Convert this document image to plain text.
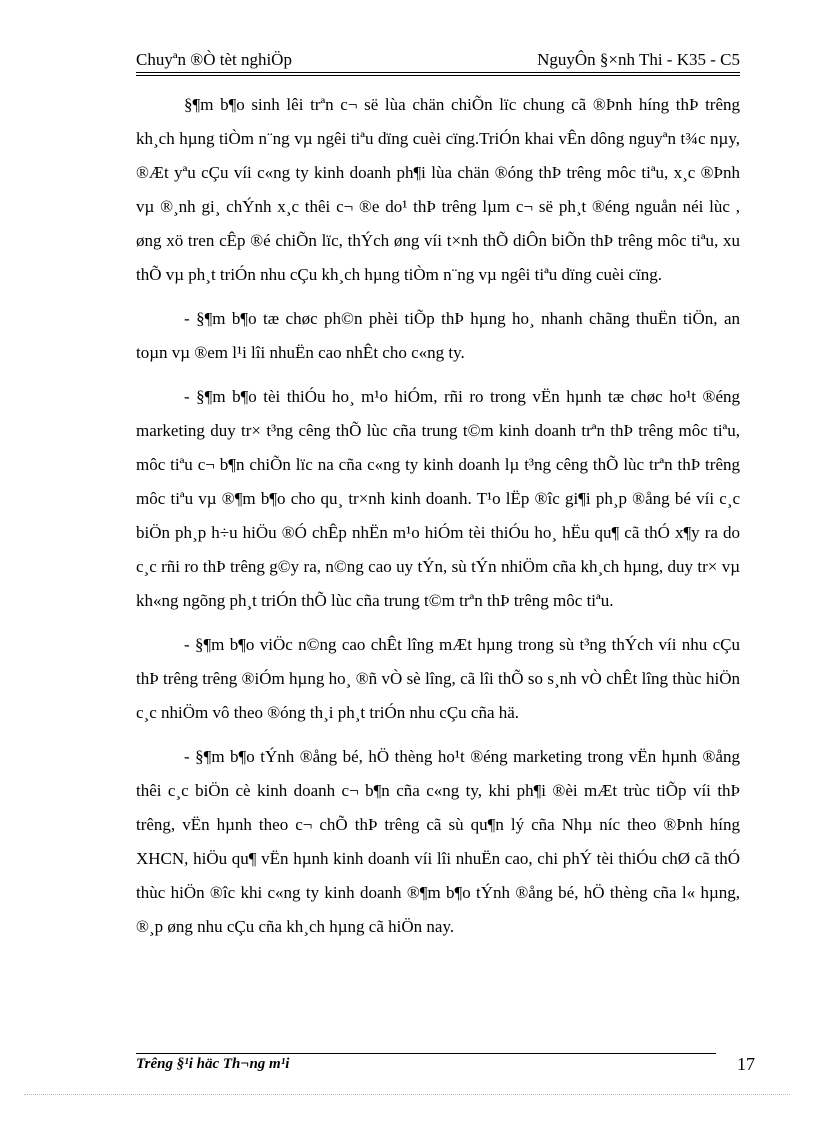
Chuyªn ®Ò tèt nghiÖp	NguyÔn §×nh Thi - K35 - C5

§¶m b¶o sinh lêi trªn c¬ së lùa chän chiÕn lïc chung cã ®Þnh híng thÞ trêng kh¸ch hµng tiÒm n¨ng vµ ngêi tiªu dïng cuèi cïng.TriÓn khai vÊn dông nguyªn t¾c nµy, ®Æt yªu cÇu víi c«ng ty kinh doanh ph¶i lùa chän ®óng thÞ trêng môc tiªu, x¸c ®Þnh vµ ®¸nh gi¸ chÝnh x¸c thêi c¬ ®e do¹ thÞ trêng lµm c¬ së ph¸t ®éng nguån néi lùc , øng xö tren cÊp ®é chiÕn lïc, thÝch øng víi t×nh thÕ diÔn biÕn thÞ trêng môc tiªu, xu thÕ vµ ph¸t triÓn nhu cÇu kh¸ch hµng tiÒm n¨ng vµ ngêi tiªu dïng cuèi cïng.

- §¶m b¶o tæ chøc ph©n phèi tiÕp thÞ hµng ho¸ nhanh chãng thuËn tiÖn, an toµn vµ ®em l¹i lîi nhuËn cao nhÊt cho c«ng ty.

- §¶m b¶o tèi thiÓu ho¸ m¹o hiÓm, rñi ro trong vËn hµnh tæ chøc ho¹t ®éng marketing duy tr× t³ng cêng thÕ lùc cña trung t©m kinh doanh trªn thÞ trêng môc tiªu, môc tiªu c¬ b¶n chiÕn lïc na cña c«ng ty kinh doanh lµ t³ng cêng thÕ lùc trªn thÞ trêng môc tiªu vµ ®¶m b¶o cho qu¸ tr×nh kinh doanh. T¹o lËp ®îc gi¶i ph¸p ®ång bé víi c¸c biÖn ph¸p h÷u hiÖu ®Ó chÊp nhËn m¹o hiÓm tèi thiÓu ho¸ hËu qu¶ cã thÓ x¶y ra do c¸c rñi ro thÞ trêng g©y ra, n©ng cao uy tÝn, sù tÝn nhiÖm cña kh¸ch hµng, duy tr× vµ kh«ng ngõng ph¸t triÓn thÕ lùc cña trung t©m trªn thÞ trêng môc tiªu.

- §¶m b¶o viÖc n©ng cao chÊt lîng mÆt hµng trong sù t³ng thÝch víi nhu cÇu thÞ trêng trêng ®iÓm hµng ho¸ ®ñ vÒ sè lîng, cã lîi thÕ so s¸nh vÒ chÊt lîng thùc hiÖn c¸c nhiÖm vô theo ®óng th¸i ph¸t triÓn nhu cÇu cña hä.

- §¶m b¶o tÝnh ®ång bé, hÖ thèng ho¹t ®éng marketing trong vËn hµnh ®ång thêi c¸c biÖn cè kinh doanh c¬ b¶n cña c«ng ty, khi ph¶i ®èi mÆt trùc tiÕp víi thÞ trêng, vËn hµnh theo c¬ chÕ thÞ trêng cã sù qu¶n lý cña Nhµ níc theo ®Þnh híng XHCN, hiÖu qu¶ vËn hµnh kinh doanh víi lîi nhuËn cao, chi phÝ tèi thiÓu chØ cã thÓ thùc hiÖn ®îc khi c«ng ty kinh doanh ®¶m b¶o tÝnh ®ång bé, hÖ thèng cña l« hµng, ®¸p øng nhu cÇu cña kh¸ch hµng cã hiÖn nay.

Trêng §¹i häc Th¬ng m¹i	17
